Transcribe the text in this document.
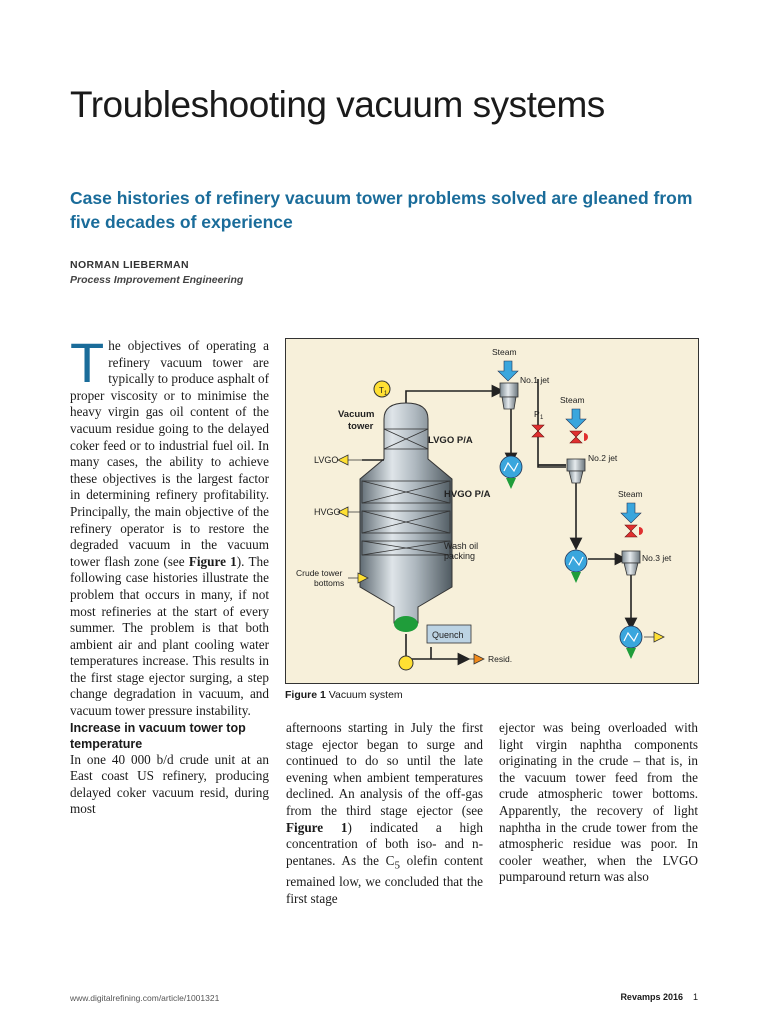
Troubleshooting vacuum systems

Case histories of refinery vacuum tower problems solved are gleaned from five decades of experience

NORMAN LIEBERMAN
Process Improvement Engineering

The objectives of operating a refinery vacuum tower are typically to produce asphalt of proper viscosity or to minimise the heavy virgin gas oil content of the vacuum residue going to the delayed coker feed or to industrial fuel oil. In many cases, the ability to achieve these objectives is the largest factor in determining refinery profitability. Principally, the main objective of the refinery operator is to restore the degraded vacuum in the vacuum tower flash zone (see Figure 1). The following case histories illustrate the problem that occurs in many, if not most refineries at the start of every summer. The problem is that both ambient air and plant cooling water temperatures increase. This results in the first stage ejector surging, a step change degradation in vacuum, and vacuum tower pressure instability.

Increase in vacuum tower top temperature

In one 40 000 b/d crude unit at an East coast US refinery, producing delayed coker vacuum resid, during most

afternoons starting in July the first stage ejector began to surge and continued to do so until the late evening when ambient temperatures declined. An analysis of the off-gas from the third stage ejector (see Figure 1) indicated a high concentration of both iso- and n-pentanes. As the $C_5$ olefin content remained low, we concluded that the first stage

ejector was being overloaded with light virgin naphtha components originating in the crude – that is, in the vacuum tower feed from the crude atmospheric tower bottoms. Apparently, the recovery of light naphtha in the crude tower from the atmospheric residue was poor. In cooler weather, when the LVGO pumparound return was also

T 1
Vacuum
tower
LVGO P/A
HVGO P/A
Wash oil
packing
LVGO
HVGO
Crude tower
bottoms
Quench
Resid.
Steam
No.1 jet
P 1
Steam
No.2 jet
Steam
No.3 jet
Figure 1 Vacuum system
www.digitalrefining.com/article/1001321	Revamps 2016 1
